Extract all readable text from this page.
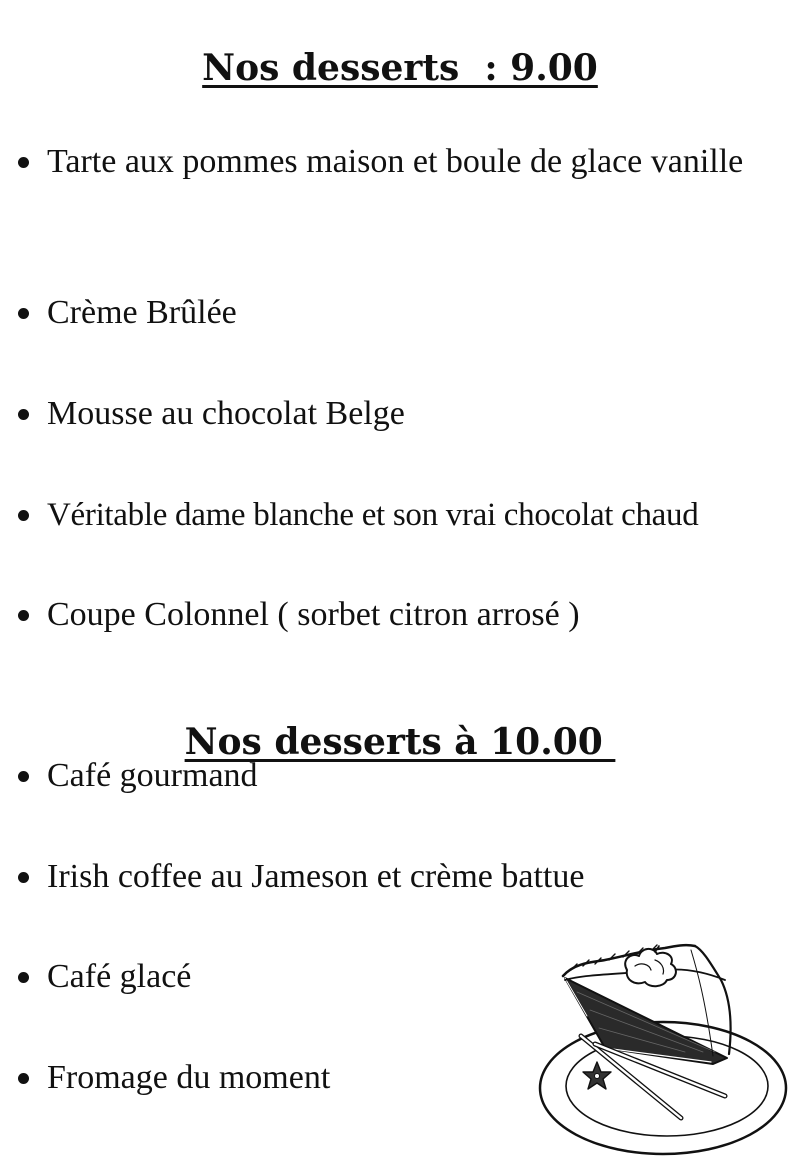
Nos desserts  : 9.00
Tarte aux pommes maison et boule de glace vanille
Crème Brûlée
Mousse au chocolat Belge
Véritable dame blanche et son vrai chocolat chaud
Coupe Colonnel ( sorbet citron arrosé )
Nos desserts à 10.00
Café gourmand
Irish coffee au Jameson et crème battue
Café glacé
Fromage du moment
